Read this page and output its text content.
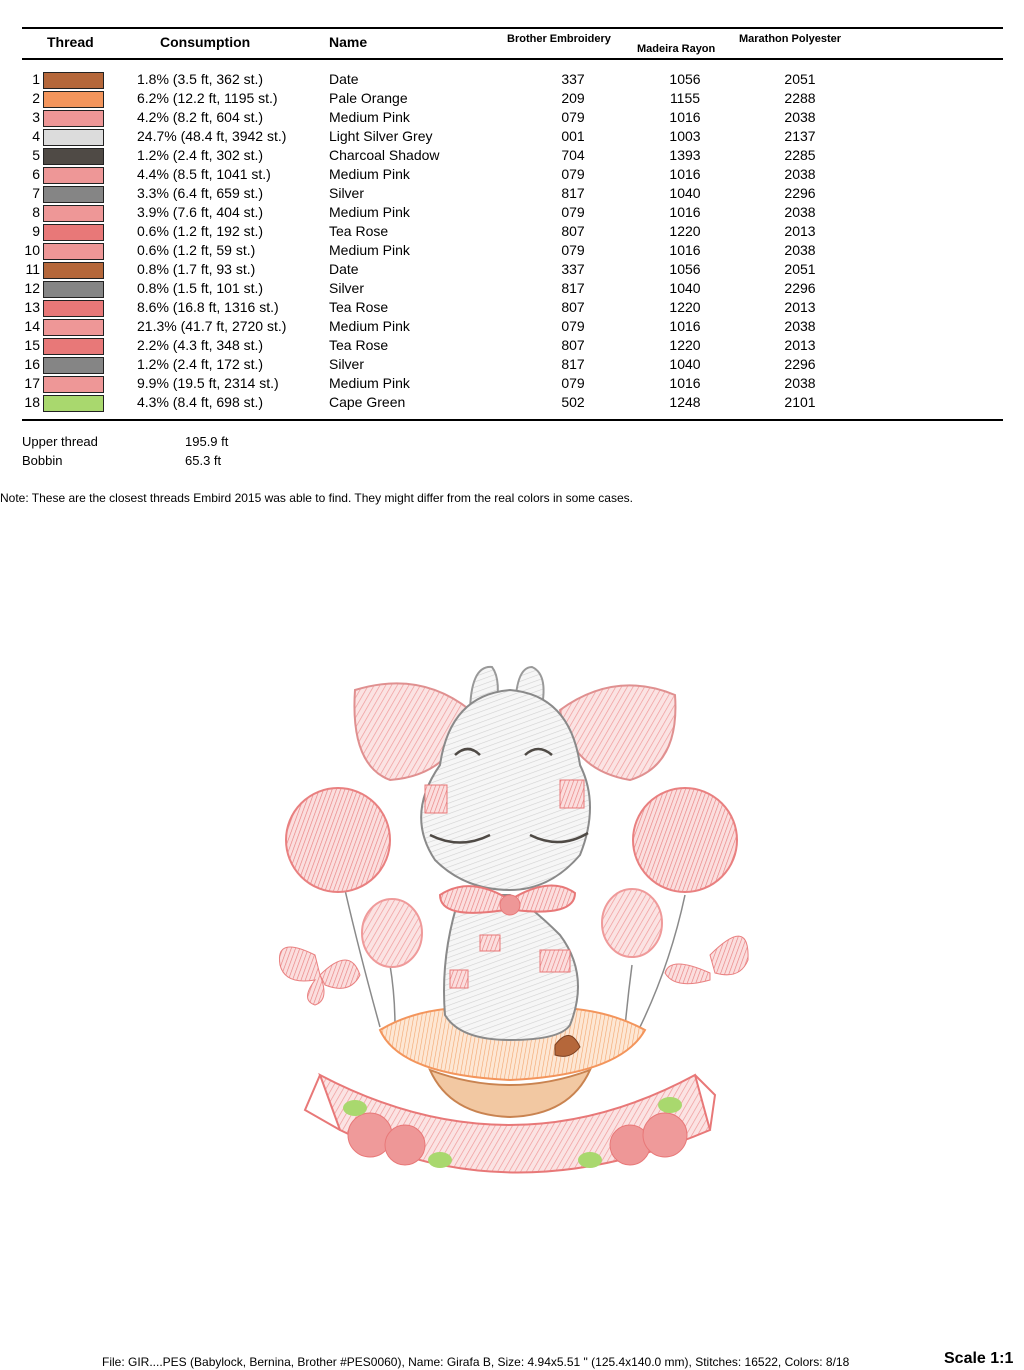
Thread	Consumption	Name	Brother Embroidery
Madeira Rayon
Marathon Polyester
1	1.8% (3.5 ft, 362 st.)	Date	337	1056	2051
2	6.2% (12.2 ft, 1195 st.)	Pale Orange	209	1155	2288
3	4.2% (8.2 ft, 604 st.)	Medium Pink	079	1016	2038
4	24.7% (48.4 ft, 3942 st.)	Light Silver Grey	001	1003	2137
5	1.2% (2.4 ft, 302 st.)	Charcoal Shadow	704	1393	2285
6	4.4% (8.5 ft, 1041 st.)	Medium Pink	079	1016	2038
7	3.3% (6.4 ft, 659 st.)	Silver	817	1040	2296
8	3.9% (7.6 ft, 404 st.)	Medium Pink	079	1016	2038
9	0.6% (1.2 ft, 192 st.)	Tea Rose	807	1220	2013
10	0.6% (1.2 ft, 59 st.)	Medium Pink	079	1016	2038
11	0.8% (1.7 ft, 93 st.)	Date	337	1056	2051
12	0.8% (1.5 ft, 101 st.)	Silver	817	1040	2296
13	8.6% (16.8 ft, 1316 st.)	Tea Rose	807	1220	2013
14	21.3% (41.7 ft, 2720 st.)	Medium Pink	079	1016	2038
15	2.2% (4.3 ft, 348 st.)	Tea Rose	807	1220	2013
16	1.2% (2.4 ft, 172 st.)	Silver	817	1040	2296
17	9.9% (19.5 ft, 2314 st.)	Medium Pink	079	1016	2038
18	4.3% (8.4 ft, 698 st.)	Cape Green	502	1248	2101
Upper thread	195.9 ft
Bobbin	65.3 ft
Note: These are the closest threads Embird 2015 was able to find. They might differ from the real colors in some cases.
File: GIR....PES (Babylock, Bernina, Brother #PES0060), Name: Girafa B, Size: 4.94x5.51 " (125.4x140.0 mm), Stitches: 16522, Colors: 8/18	Scale 1:1
